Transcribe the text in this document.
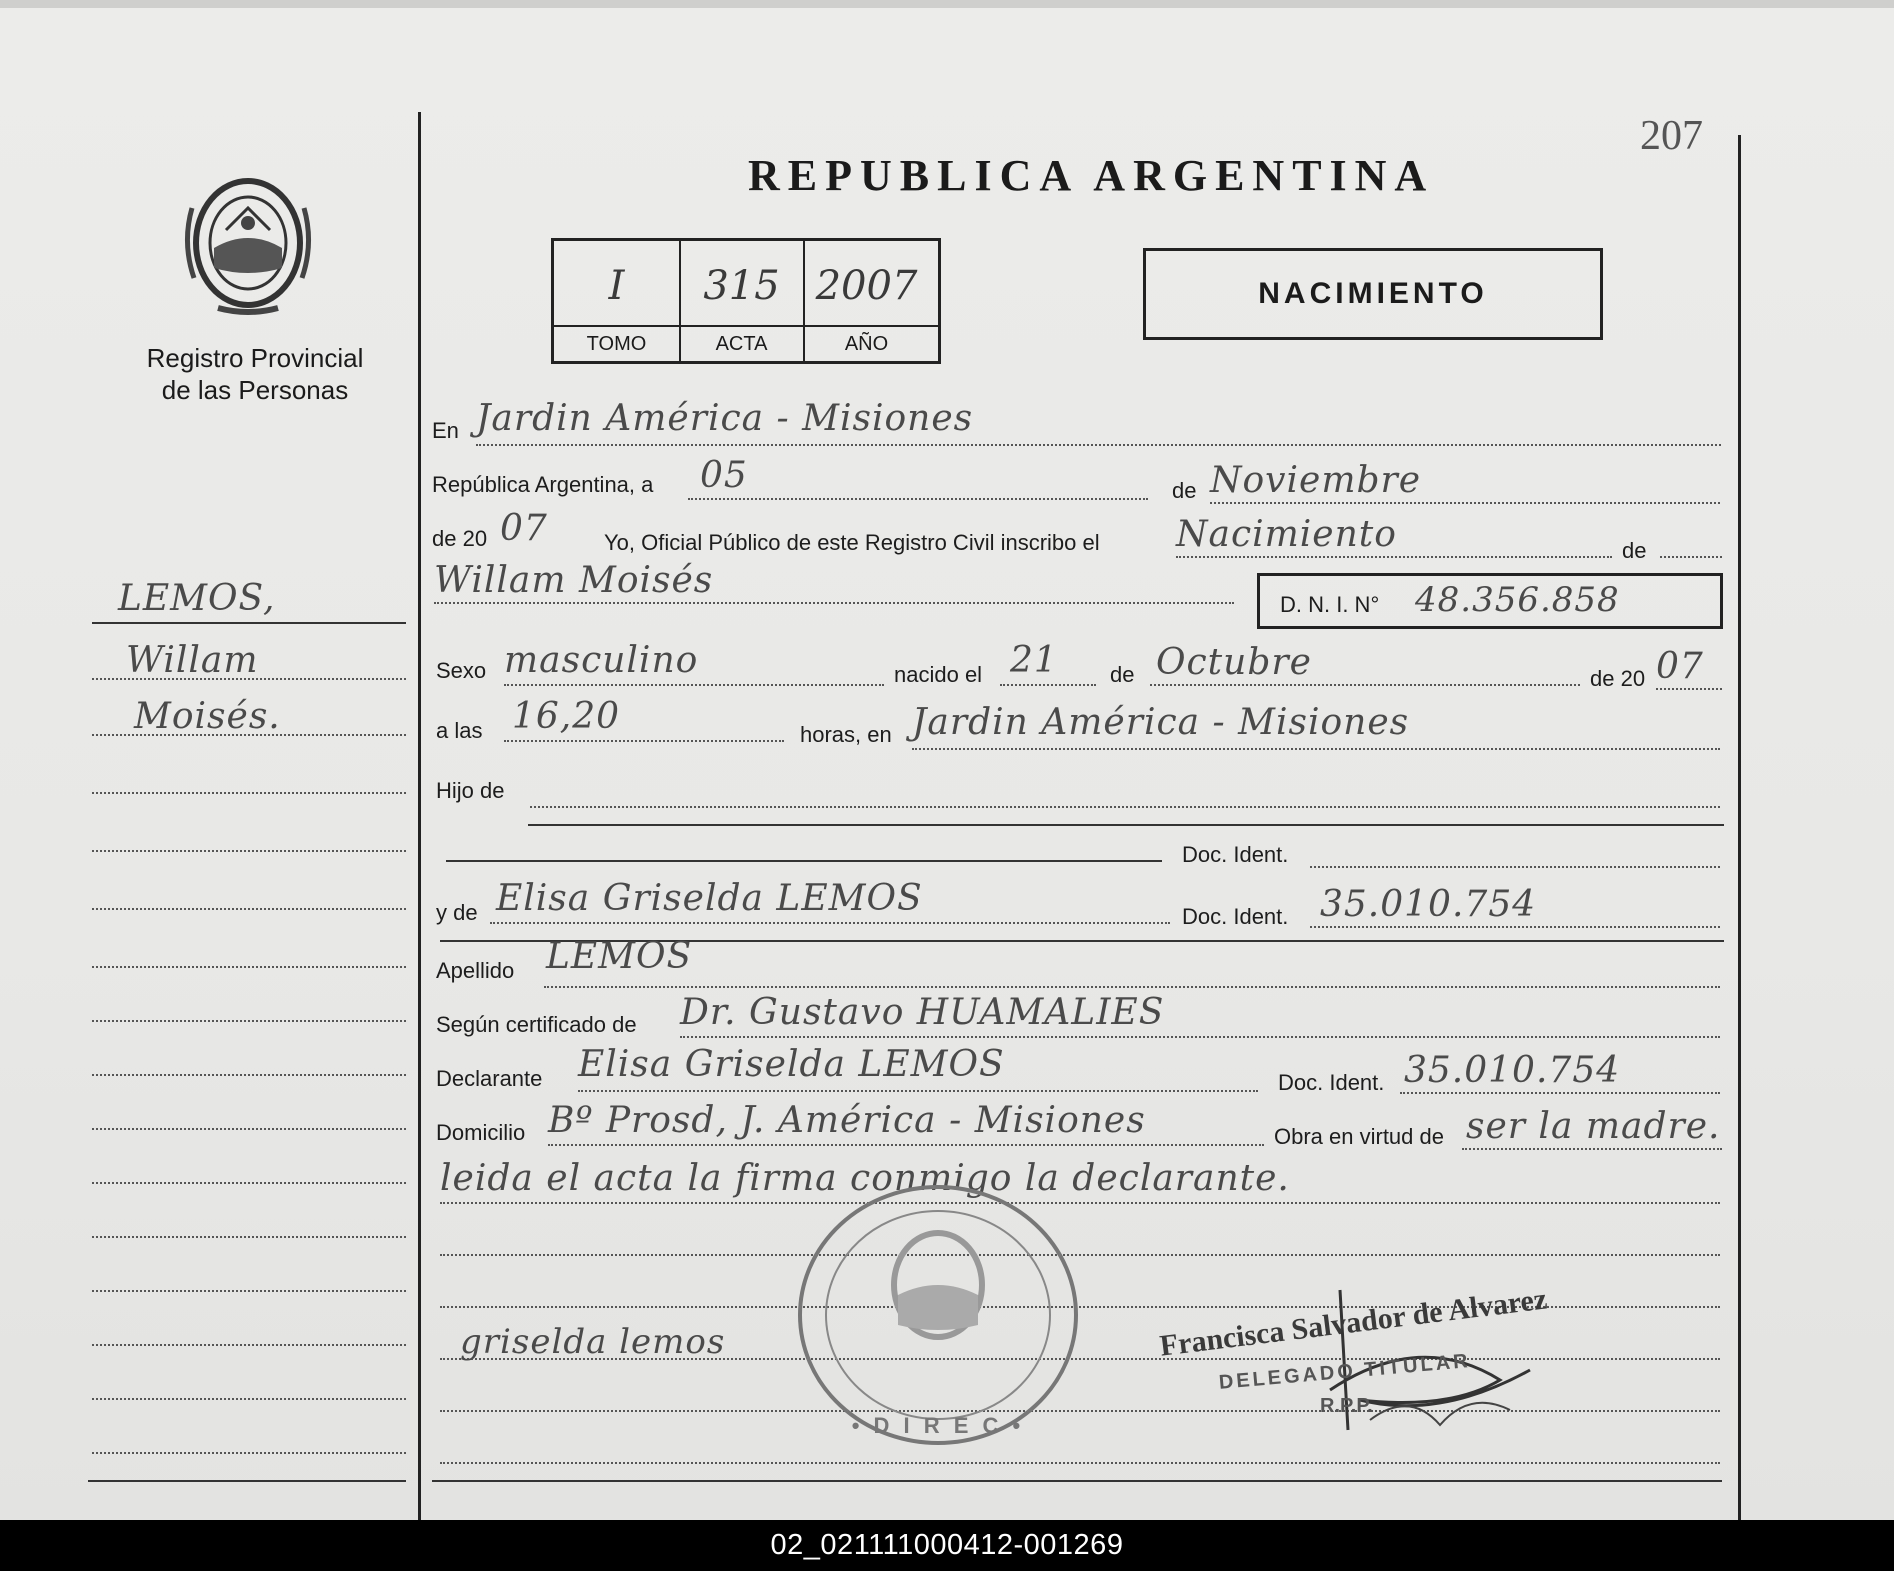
Registro Provincial
de las Personas
REPUBLICA ARGENTINA
207
I	315 2007
TOMO	ACTA	AÑO
NACIMIENTO
LEMOS,
Willam
Moisés.
En Jardin América - Misiones
República Argentina, a 05	de Noviembre
de 20 07	Yo, Oficial Público de este Registro Civil inscribo el Nacimiento	de
Willam Moisés
D. N. I. N° 48.356.858
Sexo masculino	nacido el 21 de Octubre	de 20 07
a las 16,20	horas, en Jardin América - Misiones
Hijo de
Doc. Ident.
y de Elisa Griselda LEMOS	Doc. Ident. 35.010.754
Apellido LEMOS
Según certificado de Dr. Gustavo HUAMALIES
Declarante Elisa Griselda LEMOS	Doc. Ident. 35.010.754
Domicilio Bº Prosd, J. América - Misiones	Obra en virtud de ser la madre.
leida el acta la firma conmigo la declarante.
griselda lemos
• D I R E C •
Francisca Salvador de Alvarez
DELEGADO TITULAR
R.P.P.
02_021111000412-001269
